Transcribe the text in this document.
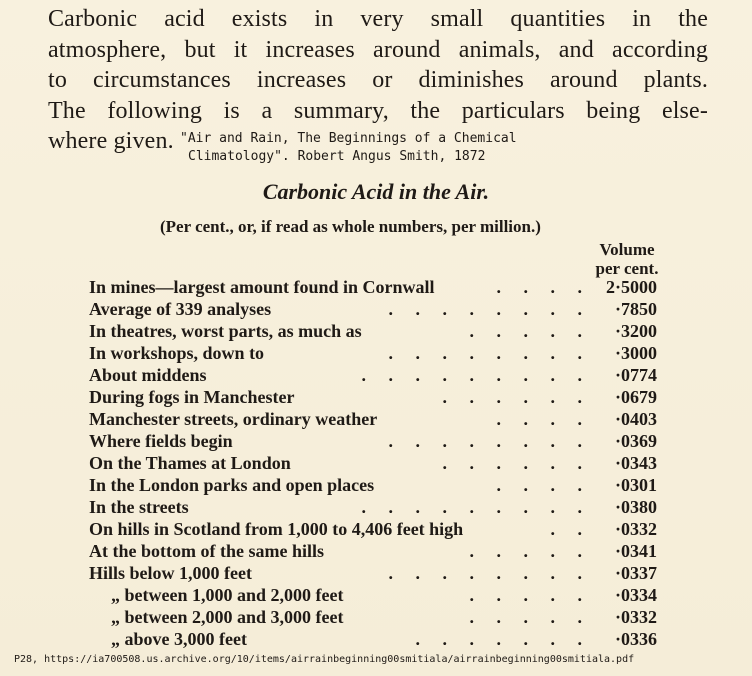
Carbonic acid exists in very small quantities in the
atmosphere, but it increases around animals, and according
to circumstances increases or diminishes around plants.
The following is a summary, the particulars being else-
where given. "Air and Rain, The Beginnings of a Chemical
Climatology". Robert Angus Smith, 1872
Carbonic Acid in the Air.
(Per cent., or, if read as whole numbers, per million.)
Volume
per cent.
In mines—largest amount found in Cornwall	.     .     .     .	2·5000
Average of 339 analyses	.     .     .     .     .     .     .     .	·7850
In theatres, worst parts, as much as	.     .     .     .     .	·3200
In workshops, down to	.     .     .     .     .     .     .     .	·3000
About middens	.     .     .     .     .     .     .     .     .	·0774
During fogs in Manchester	.     .     .     .     .     .	·0679
Manchester streets, ordinary weather	.     .     .     .	·0403
Where fields begin	.     .     .     .     .     .     .     .	·0369
On the Thames at London	.     .     .     .     .     .	·0343
In the London parks and open places	.     .     .     .	·0301
In the streets	.     .     .     .     .     .     .     .     .	·0380
On hills in Scotland from 1,000 to 4,406 feet high	.     .	·0332
At the bottom of the same hills	.     .     .     .     .	·0341
Hills below 1,000 feet	.     .     .     .     .     .     .     .	·0337
„ between 1,000 and 2,000 feet	.     .     .     .     .	·0334
„ between 2,000 and 3,000 feet	.     .     .     .     .	·0332
„ above 3,000 feet	.     .     .     .     .     .     .	·0336
P28, https://ia700508.us.archive.org/10/items/airrainbeginning00smitiala/airrainbeginning00smitiala.pdf
